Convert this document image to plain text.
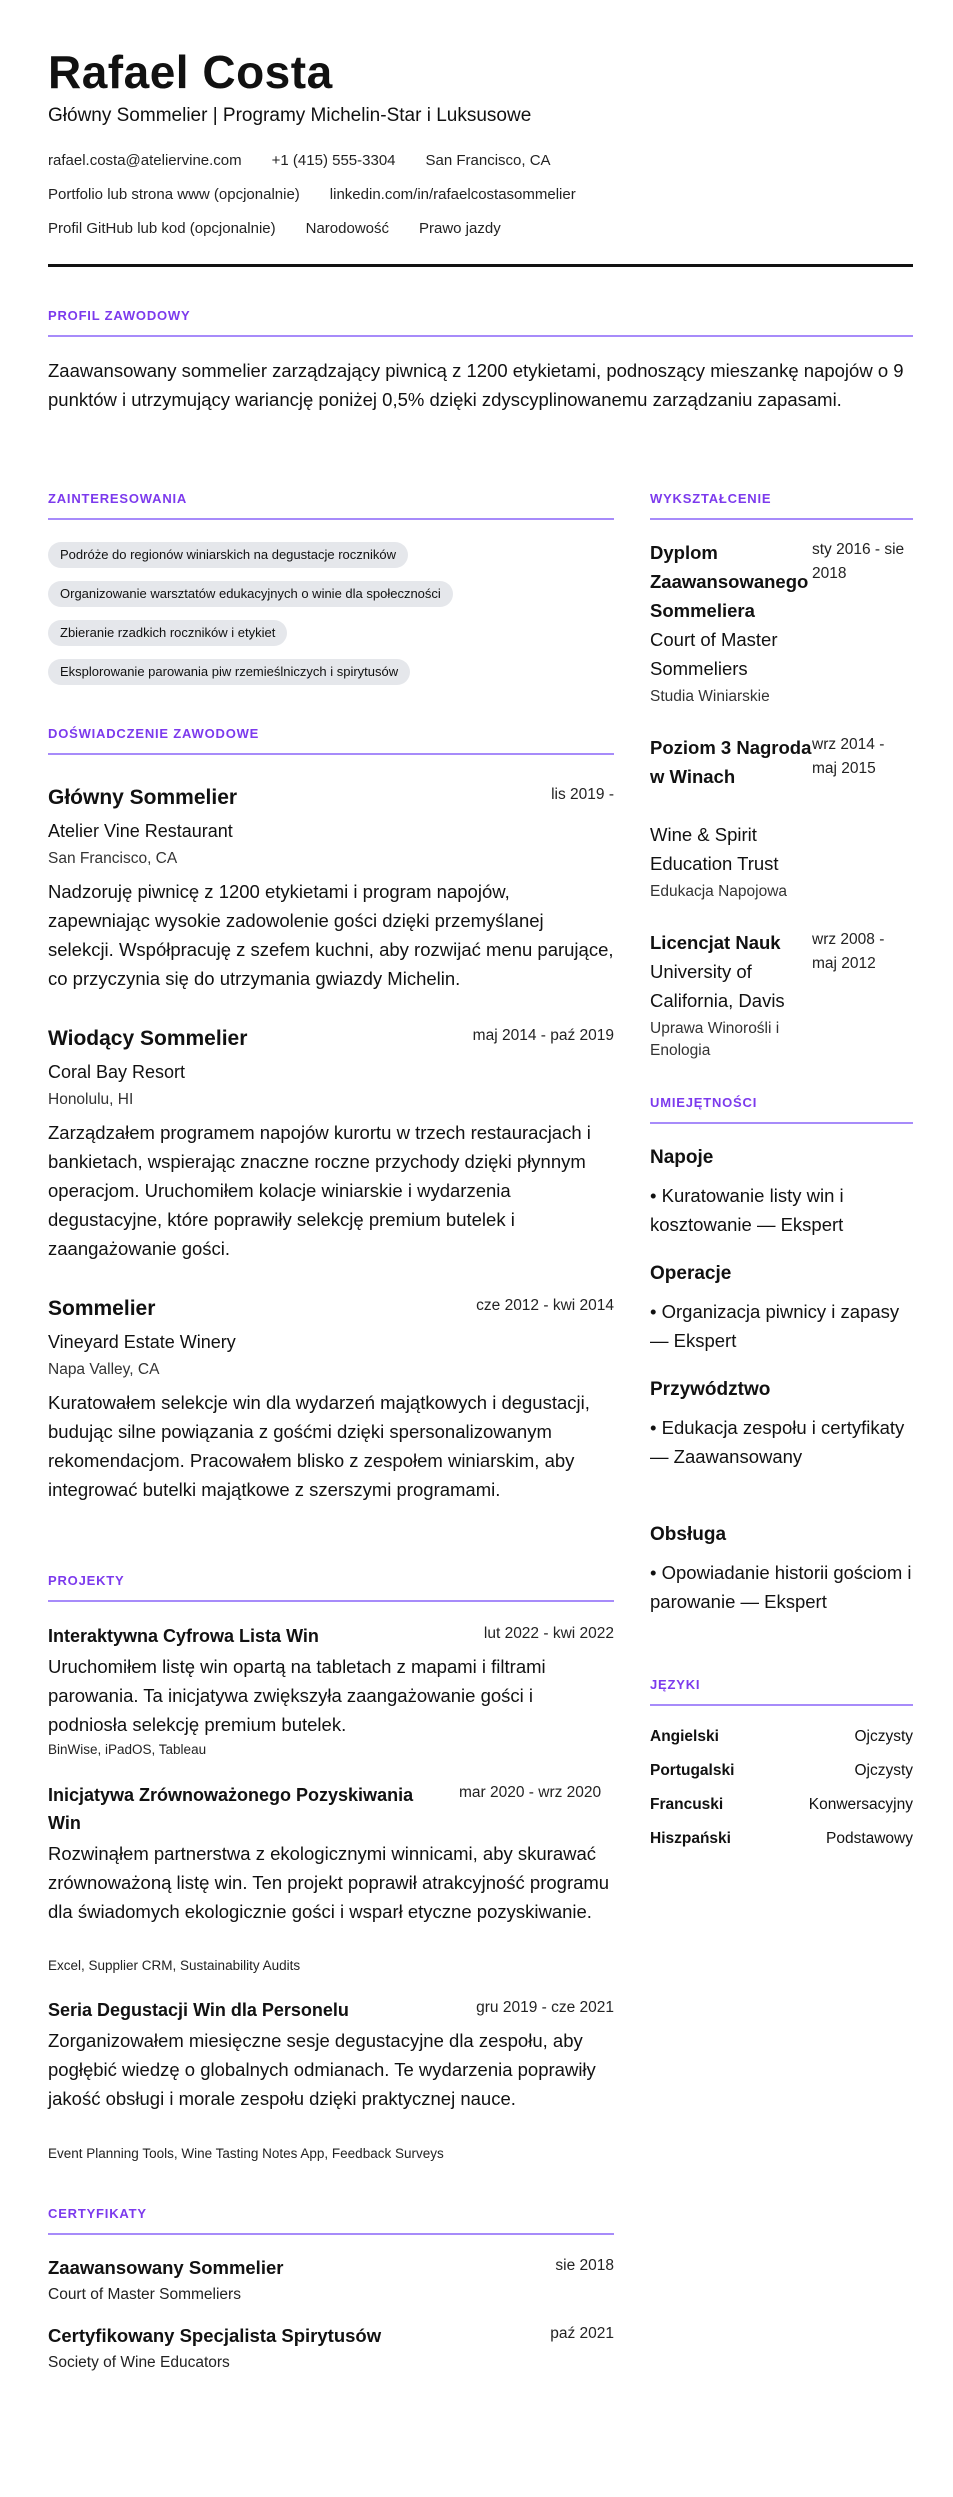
Rafael Costa
Główny Sommelier | Programy Michelin-Star i Luksusowe
rafael.costa@ateliervine.com +1 (415) 555-3304 San Francisco, CA
Portfolio lub strona www (opcjonalnie) linkedin.com/in/rafaelcostasommelier
Profil GitHub lub kod (opcjonalnie) Narodowość Prawo jazdy
PROFIL ZAWODOWY
Zaawansowany sommelier zarządzający piwnicą z 1200 etykietami, podnoszący mieszankę napojów o 9 punktów i utrzymujący wariancję poniżej 0,5% dzięki zdyscyplinowanemu zarządzaniu zapasami.
ZAINTERESOWANIA
Podróże do regionów winiarskich na degustacje roczników
Organizowanie warsztatów edukacyjnych o winie dla społeczności
Zbieranie rzadkich roczników i etykiet
Eksplorowanie parowania piw rzemieślniczych i spirytusów
DOŚWIADCZENIE ZAWODOWE
Główny Sommelier	lis 2019 -
Atelier Vine Restaurant
San Francisco, CA
Nadzoruję piwnicę z 1200 etykietami i program napojów, zapewniając wysokie zadowolenie gości dzięki przemyślanej selekcji. Współpracuję z szefem kuchni, aby rozwijać menu parujące, co przyczynia się do utrzymania gwiazdy Michelin.
Wiodący Sommelier	maj 2014 - paź 2019
Coral Bay Resort
Honolulu, HI
Zarządzałem programem napojów kurortu w trzech restauracjach i bankietach, wspierając znaczne roczne przychody dzięki płynnym operacjom. Uruchomiłem kolacje winiarskie i wydarzenia degustacyjne, które poprawiły selekcję premium butelek i zaangażowanie gości.
Sommelier	cze 2012 - kwi 2014
Vineyard Estate Winery
Napa Valley, CA
Kuratowałem selekcje win dla wydarzeń majątkowych i degustacji, budując silne powiązania z gośćmi dzięki spersonalizowanym rekomendacjom. Pracowałem blisko z zespołem winiarskim, aby integrować butelki majątkowe z szerszymi programami.
PROJEKTY
Interaktywna Cyfrowa Lista Win	lut 2022 - kwi 2022
Uruchomiłem listę win opartą na tabletach z mapami i filtrami parowania. Ta inicjatywa zwiększyła zaangażowanie gości i podniosła selekcję premium butelek.
BinWise, iPadOS, Tableau
Inicjatywa Zrównoważonego Pozyskiwania Win
mar 2020 - wrz 2020
Rozwinąłem partnerstwa z ekologicznymi winnicami, aby skurawać zrównoważoną listę win. Ten projekt poprawił atrakcyjność programu dla świadomych ekologicznie gości i wsparł etyczne pozyskiwanie.
Excel, Supplier CRM, Sustainability Audits
Seria Degustacji Win dla Personelu	gru 2019 - cze 2021
Zorganizowałem miesięczne sesje degustacyjne dla zespołu, aby pogłębić wiedzę o globalnych odmianach. Te wydarzenia poprawiły jakość obsługi i morale zespołu dzięki praktycznej nauce.
Event Planning Tools, Wine Tasting Notes App, Feedback Surveys
CERTYFIKATY
Zaawansowany Sommelier	sie 2018
Court of Master Sommeliers
Certyfikowany Specjalista Spirytusów	paź 2021
Society of Wine Educators
WYKSZTAŁCENIE
Dyplom Zaawansowanego Sommeliera
sty 2016 - sie 2018
Court of Master Sommeliers
Studia Winiarskie
Poziom 3 Nagroda w Winach
wrz 2014 - maj 2015
Wine & Spirit Education Trust
Edukacja Napojowa
Licencjat Nauk	wrz 2008 - maj 2012
University of California, Davis
Uprawa Winorośli i Enologia
UMIEJĘTNOŚCI
Napoje
• Kuratowanie listy win i kosztowanie — Ekspert
Operacje
• Organizacja piwnicy i zapasy — Ekspert
Przywództwo
• Edukacja zespołu i certyfikaty — Zaawansowany
Obsługa
• Opowiadanie historii gościom i parowanie — Ekspert
JĘZYKI
Angielski	Ojczysty
Portugalski	Ojczysty
Francuski	Konwersacyjny
Hiszpański	Podstawowy
